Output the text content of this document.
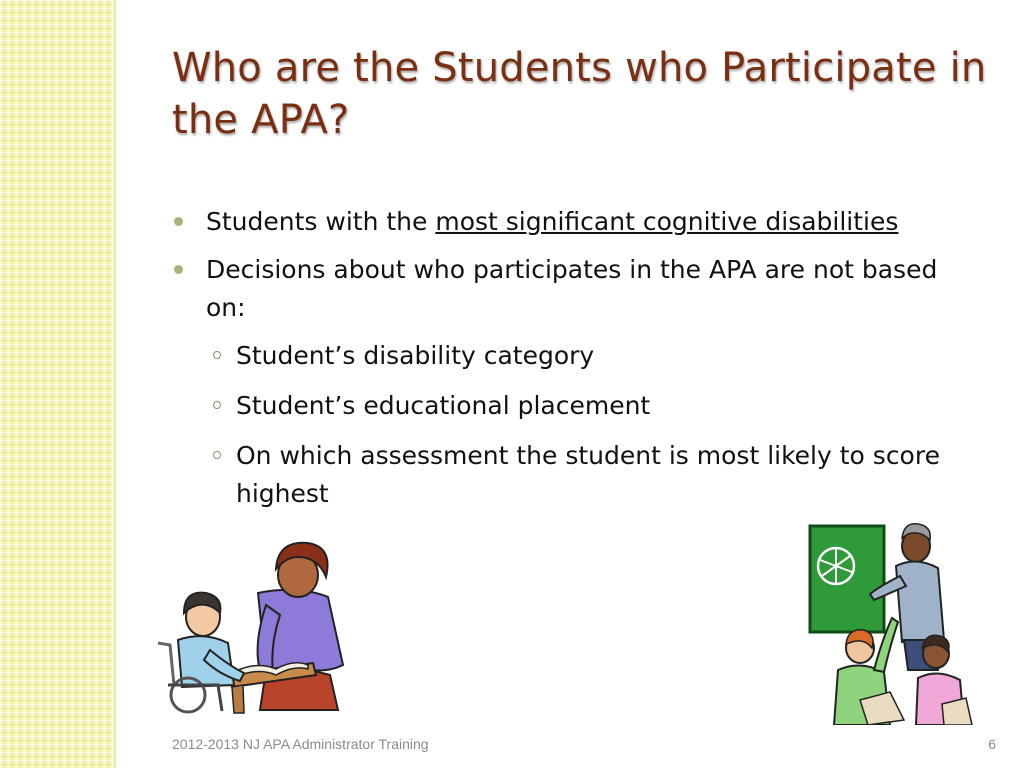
Who are the Students who Participate in the APA?
Students with the most significant cognitive disabilities
Decisions about who participates in the APA are not based on:
Student’s disability category
Student’s educational placement
On which assessment the student is most likely to score highest
2012-2013 NJ APA Administrator Training	6
